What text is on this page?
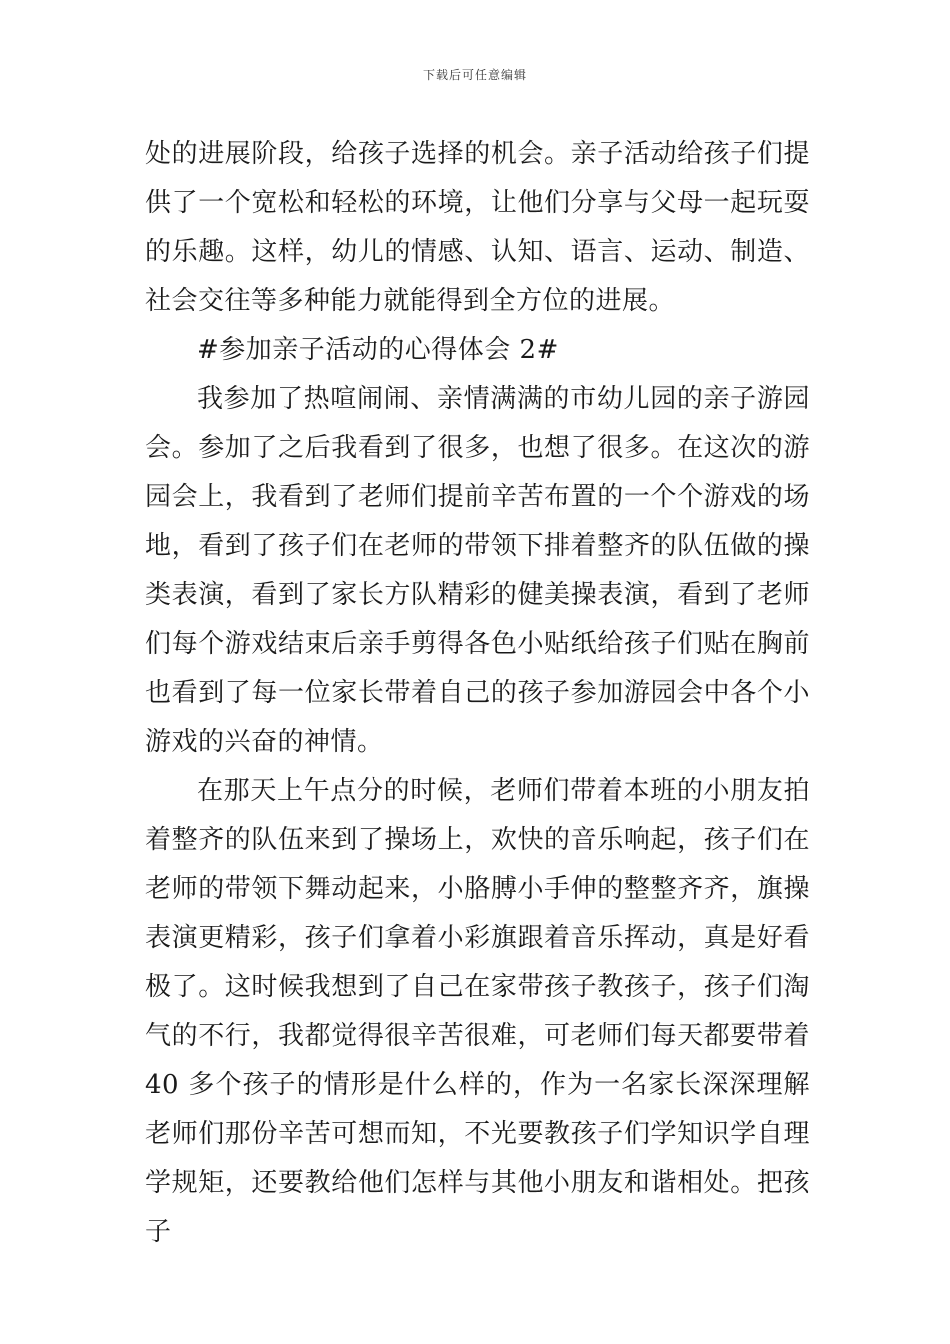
下载后可任意编辑

处的进展阶段，给孩子选择的机会。亲子活动给孩子们提供了一个宽松和轻松的环境，让他们分享与父母一起玩耍的乐趣。这样，幼儿的情感、认知、语言、运动、制造、社会交往等多种能力就能得到全方位的进展。

#参加亲子活动的心得体会 2#

我参加了热喧闹闹、亲情满满的市幼儿园的亲子游园会。参加了之后我看到了很多，也想了很多。在这次的游园会上，我看到了老师们提前辛苦布置的一个个游戏的场地，看到了孩子们在老师的带领下排着整齐的队伍做的操类表演，看到了家长方队精彩的健美操表演，看到了老师们每个游戏结束后亲手剪得各色小贴纸给孩子们贴在胸前也看到了每一位家长带着自己的孩子参加游园会中各个小游戏的兴奋的神情。

在那天上午点分的时候，老师们带着本班的小朋友拍着整齐的队伍来到了操场上，欢快的音乐响起，孩子们在老师的带领下舞动起来，小胳膊小手伸的整整齐齐，旗操表演更精彩，孩子们拿着小彩旗跟着音乐挥动，真是好看极了。这时候我想到了自己在家带孩子教孩子，孩子们淘气的不行，我都觉得很辛苦很难，可老师们每天都要带着40 多个孩子的情形是什么样的，作为一名家长深深理解老师们那份辛苦可想而知，不光要教孩子们学知识学自理学规矩，还要教给他们怎样与其他小朋友和谐相处。把孩子
